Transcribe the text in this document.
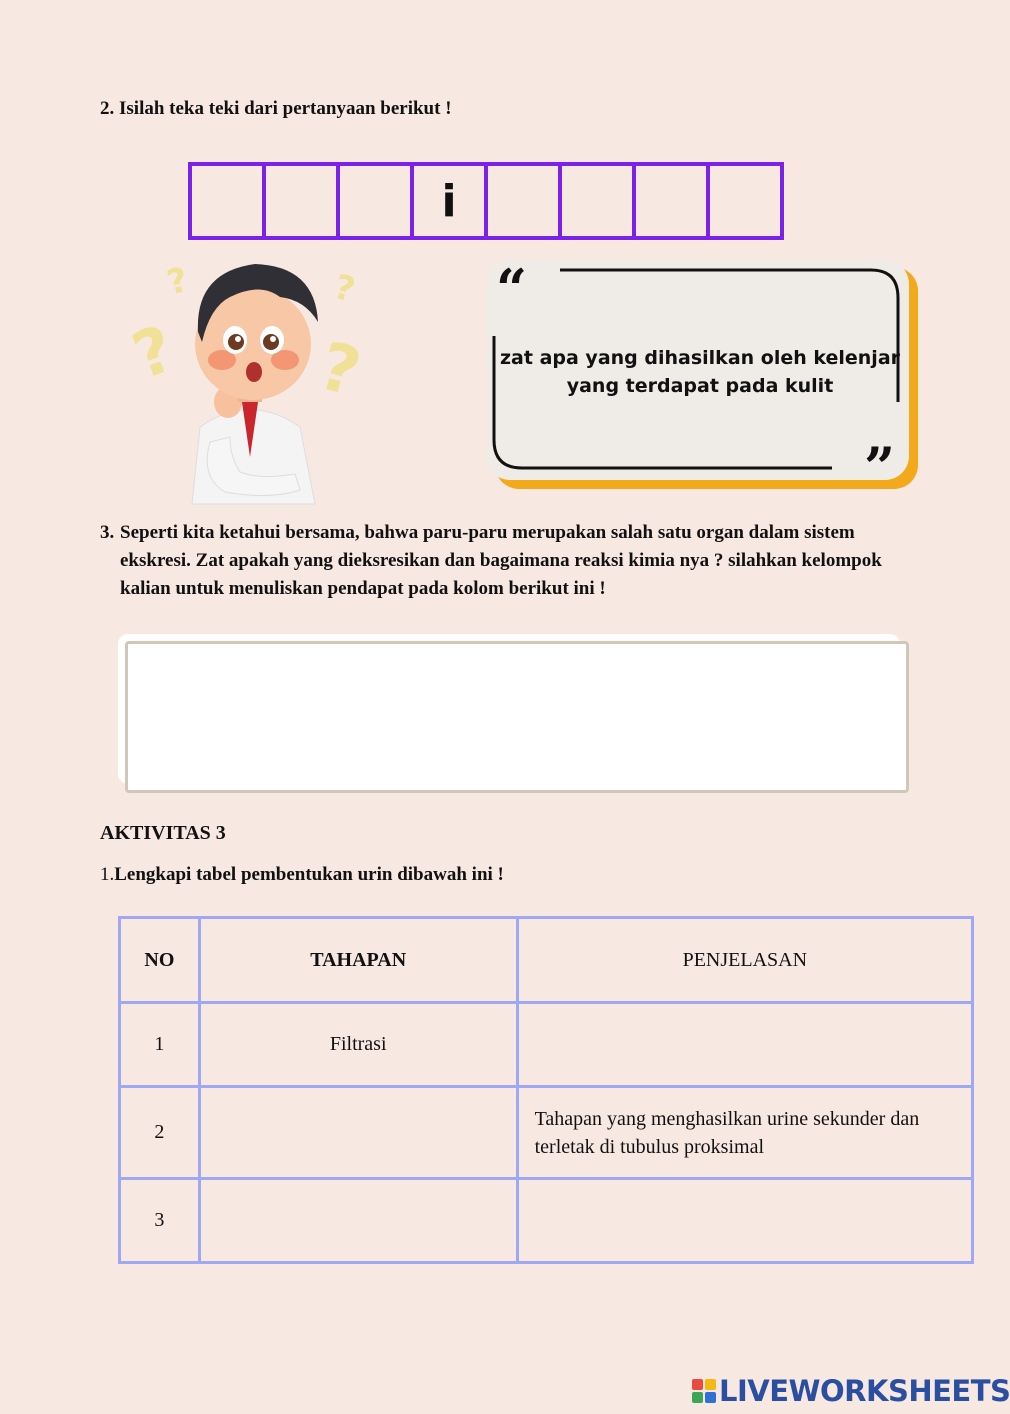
2. Isilah teka teki dari pertanyaan berikut !
i
? ?
?	?	“
”
zat apa yang dihasilkan oleh kelenjar yang terdapat pada kulit
3. Seperti kita ketahui bersama, bahwa paru-paru merupakan salah satu organ dalam sistem ekskresi. Zat apakah yang dieksresikan dan bagaimana reaksi kimia nya ? silahkan kelompok kalian untuk menuliskan pendapat pada kolom berikut ini !
AKTIVITAS 3
1.Lengkapi tabel pembentukan urin dibawah ini !
NO	TAHAPAN	PENJELASAN
1	Filtrasi	
2		Tahapan yang menghasilkan urine sekunder dan terletak di tubulus proksimal
3		
LIVEWORKSHEETS
